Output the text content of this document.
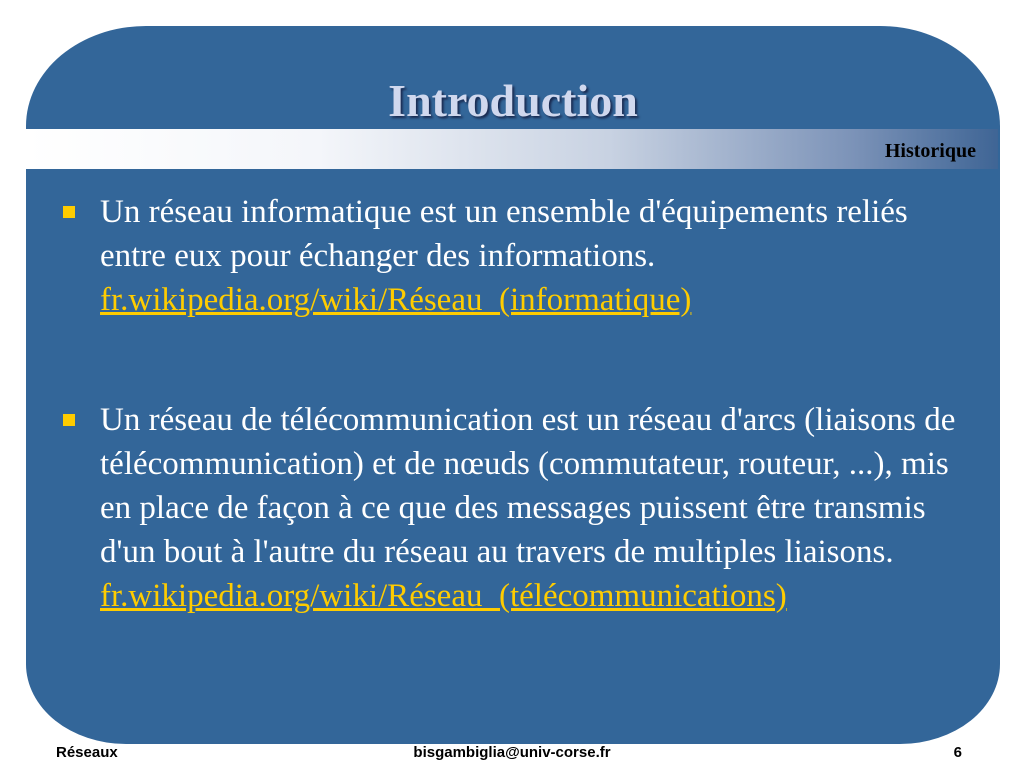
Introduction
Historique
Un réseau informatique est un ensemble d'équipements reliés entre eux pour échanger des informations.
fr.wikipedia.org/wiki/Réseau_(informatique)
Un réseau de télécommunication est un réseau d'arcs (liaisons de télécommunication) et de nœuds (commutateur, routeur, ...), mis en place de façon à ce que des messages puissent être transmis d'un bout à l'autre du réseau au travers de multiples liaisons.
fr.wikipedia.org/wiki/Réseau_(télécommunications)
Réseaux	bisgambiglia@univ-corse.fr	6
